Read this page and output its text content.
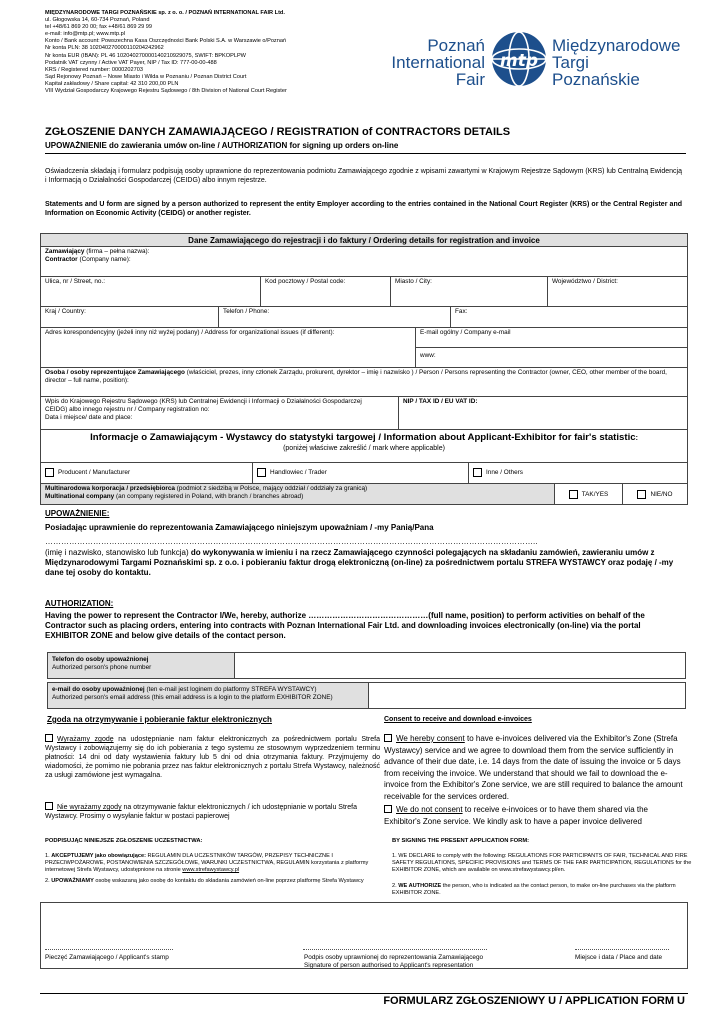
MIĘDZYNARODOWE TARGI POZNAŃSKIE sp. z o. o. / POZNAŃ INTERNATIONAL FAIR Ltd.
ul. Głogowska 14, 60-734 Poznań, Poland
tel +48/61 869 20 00; fax +48/61 869 29 99
e-mail: info@mtp.pl; www.mtp.pl
Konto / Bank account: Powszechna Kasa Oszczędności Bank Polski S.A. w Warszawie o/Poznań
Nr konta PLN: 38 102040270000110204242962
Nr konta EUR (IBAN): PL 46 102040270000140210929075, SWIFT: BPKOPLPW
Podatnik VAT czynny / Active VAT Payer, NIP / Tax ID: 777-00-00-488
KRS / Registered number: 0000202703
Sąd Rejonowy Poznań – Nowe Miasto i Wilda w Poznaniu / Poznan District Court
Kapitał zakładowy / Share capital: 42 310 200,00 PLN
VIII Wydział Gospodarczy Krajowego Rejestru Sądowego / 8th Division of National Court Register
Poznań
International
Fair
mtp
Międzynarodowe
Targi
Poznańskie
ZGŁOSZENIE DANYCH ZAMAWIAJĄCEGO / REGISTRATION of CONTRACTORS DETAILS
UPOWAŻNIENIE do zawierania umów on-line / AUTHORIZATION for signing up orders on-line
Oświadczenia składają i formularz podpisują osoby uprawnione do reprezentowania podmiotu Zamawiającego zgodnie z wpisami zawartymi w Krajowym Rejestrze Sądowym (KRS) lub Centralną Ewidencją i Informacją o Działalności Gospodarczej (CEIDG) albo innym rejestrze.
Statements and U form are signed by a person authorized to represent the entity Employer according to the entries contained in the National Court Register (KRS) or the Central Register and Information on Economic Activity (CEIDG) or another register.
Dane Zamawiającego do rejestracji i do faktury / Ordering details for registration and invoice
Zamawiający (firma – pełna nazwa):
Contractor (Company name):
Ulica, nr / Street, no.:	Kod pocztowy / Postal code:	Miasto / City:	Województwo / District:
Kraj / Country:	Telefon / Phone:	Fax:
Adres korespondencyjny (jeżeli inny niż wyżej podany) / Address for organizational issues (if different):	E-mail ogólny / Company e-mail
www:
Osoba / osoby reprezentujące Zamawiającego (właściciel, prezes, inny członek Zarządu, prokurent, dyrektor – imię i nazwisko ) / Person / Persons representing the Contractor (owner, CEO, other member of the board, director – full name, position):
Wpis do Krajowego Rejestru Sądowego (KRS) lub Centralnej Ewidencji i Informacji o Działalności Gospodarczej
CEIDG) albo innego rejestru nr / Company registration no:
Data i miejsce/ date and place:
NIP / TAX ID / EU VAT ID:
Informacje o Zamawiającym - Wystawcy do statystyki targowej / Information about Applicant-Exhibitor for fair's statistic:
(poniżej właściwe zakreślić / mark where applicable)
Producent / Manufacturer	Handlowiec / Trader	Inne / Others
Multinarodowa korporacja / przedsiębiorca (podmiot z siedzibą w Polsce, mający oddział / oddziały za granicą)
Multinational company (an company registered in Poland, with branch / branches abroad)	TAK/YES	NIE/NO
UPOWAŻNIENIE:
Posiadając uprawnienie do reprezentowania Zamawiającego niniejszym upoważniam / -my Panią/Pana
…………………………………………………………………………………………………………………………………………………………………..
(imię i nazwisko, stanowisko lub funkcja) do wykonywania w imieniu i na rzecz Zamawiającego czynności polegających na składaniu zamówień, zawieraniu umów z Międzynarodowymi Targami Poznańskimi sp. z o.o. i pobieraniu faktur drogą elektroniczną (on-line) za pośrednictwem portalu STREFA WYSTAWCY oraz podaję / -my dane tej osoby do kontaktu.
AUTHORIZATION:
Having the power to represent the Contractor I/We, hereby, authorize ………………………………………(full name, position) to perform activities on behalf of the Contractor such as placing orders, entering into contracts with Poznan International Fair Ltd. and downloading invoices electronically (on-line) via the portal EXHIBITOR ZONE and below give details of the contact person.
Telefon do osoby upoważnionej
Authorized person's phone number
e-mail do osoby upoważnionej (ten e-mail jest loginem do platformy STREFA WYSTAWCY)
Authorized person's email address (this email address is a login to the platform EXHIBITOR ZONE)
Zgoda na otrzymywanie i pobieranie faktur elektronicznych
Wyrażamy zgodę na udostępnianie nam faktur elektronicznych za pośrednictwem portalu Strefa Wystawcy i zobowiązujemy się do ich pobierania z tego systemu ze stosownym wyprzedzeniem terminu płatności: 14 dni od daty wystawienia faktury lub 5 dni od dnia otrzymania faktury. Przyjmujemy do wiadomości, że pomimo nie pobrania przez nas faktur elektronicznych z portalu Strefa Wystawcy, należność za usługi zamówione jest wymagalna.
Nie wyrażamy zgody na otrzymywanie faktur elektronicznych / ich udostępnianie w portalu Strefa Wystawcy. Prosimy o wysyłanie faktur w postaci papierowej
Consent to receive and download e-invoices
We hereby consent to have e-invoices delivered via the Exhibitor's Zone (Strefa Wystawcy) service and we agree to download them from the service sufficiently in advance of their due date, i.e. 14 days from the date of issuing the invoice or 5 days from receiving the invoice. We understand that should we fail to download the e-invoice from the Exhibitor's Zone service, we are still required to balance the amount receivable for the services ordered.
We do not consent to receive e-invoices or to have them shared via the Exhibitor's Zone service. We kindly ask to have a paper invoice delivered
PODPISUJĄC NINIEJSZE ZGŁOSZENIE UCZESTNICTWA:
1. AKCEPTUJEMY jako obowiązujące: REGULAMIN DLA UCZESTNIKÓW TARGÓW, PRZEPISY TECHNICZNE I PRZECIWPOŻAROWE, POSTANOWIENIA SZCZEGÓŁOWE, WARUNKI UCZESTNICTWA, REGULAMIN korzystania z platformy internetowej Strefa Wystawcy, udostępnione na stronie www.strefawystawcy.pl
2. UPOWAŻNIAMY osobę wskazaną jako osobę do kontaktu do składania zamówień on-line poprzez platformę Strefa Wystawcy
BY SIGNING THE PRESENT APPLICATION FORM:
1. WE DECLARE to comply with the following: REGULATIONS FOR PARTICIPANTS OF FAIR, TECHNICAL AND FIRE SAFETY REGULATIONS, SPECIFIC PROVISIONS and TERMS OF THE FAIR PARTICIPATION, REGULATIONS for the EXHIBITOR ZONE, which are available on www.strefawystawcy.pl/en.
2. WE AUTHORIZE the person, who is indicated as the contact person, to make on-line purchases via the platform EXHIBITOR ZONE.
Pieczęć Zamawiającego / Applicant's stamp	Podpis osoby uprawnionej do reprezentowania Zamawiającego
Signature of person authorised to Applicant's representation
Miejsce i data / Place and date
FORMULARZ ZGŁOSZENIOWY U / APPLICATION FORM U
